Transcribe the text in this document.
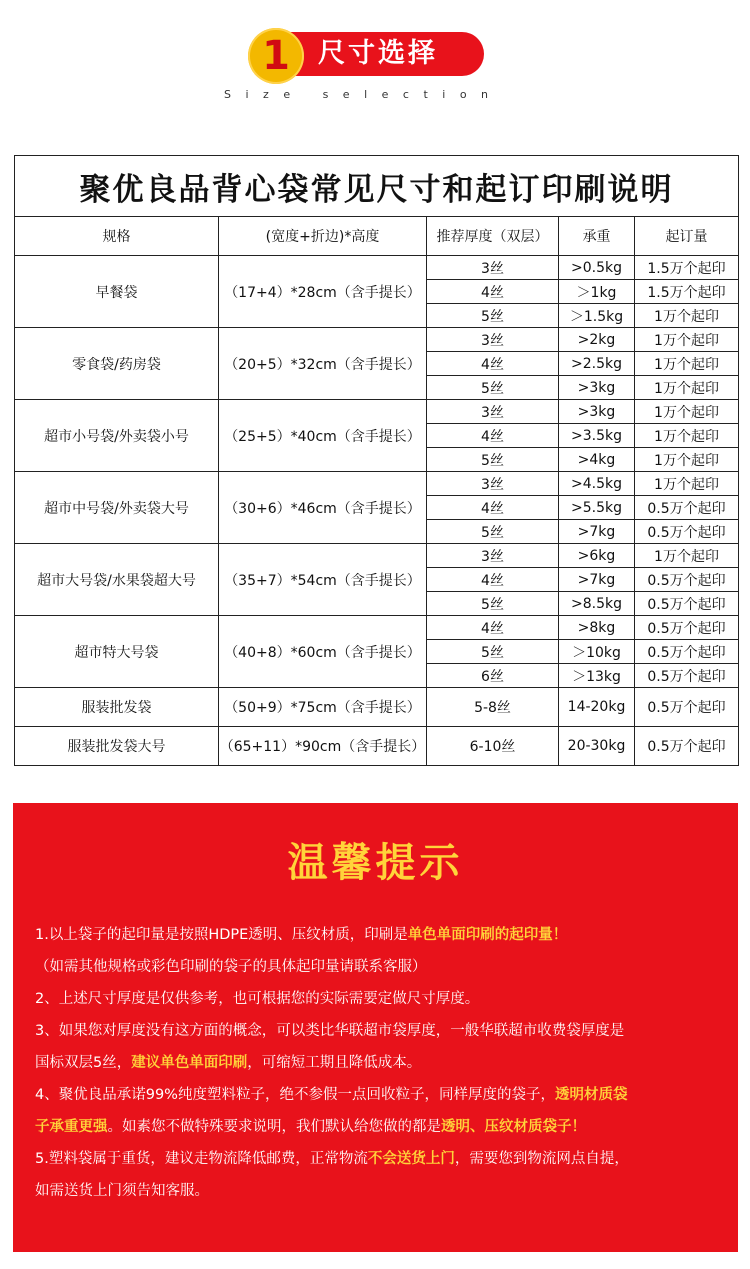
1	尺寸选择
Size selection
聚优良品背心袋常见尺寸和起订印刷说明				
规格	(宽度+折边)*高度	推荐厚度（双层）	承重	起订量
早餐袋	（17+4）*28cm（含手提长）	3丝	>0.5kg	1.5万个起印
		4丝	＞1kg	1.5万个起印
		5丝	＞1.5kg	1万个起印
零食袋/药房袋	（20+5）*32cm（含手提长）	3丝	>2kg	1万个起印
		4丝	>2.5kg	1万个起印
		5丝	>3kg	1万个起印
超市小号袋/外卖袋小号	（25+5）*40cm（含手提长）	3丝	>3kg	1万个起印
		4丝	>3.5kg	1万个起印
		5丝	>4kg	1万个起印
超市中号袋/外卖袋大号	（30+6）*46cm（含手提长）	3丝	>4.5kg	1万个起印
		4丝	>5.5kg	0.5万个起印
		5丝	>7kg	0.5万个起印
超市大号袋/水果袋超大号	（35+7）*54cm（含手提长）	3丝	>6kg	1万个起印
		4丝	>7kg	0.5万个起印
		5丝	>8.5kg	0.5万个起印
超市特大号袋	（40+8）*60cm（含手提长）	4丝	>8kg	0.5万个起印
		5丝	＞10kg	0.5万个起印
		6丝	＞13kg	0.5万个起印
服装批发袋	（50+9）*75cm（含手提长）	5-8丝	14-20kg	0.5万个起印
服装批发袋大号	（65+11）*90cm（含手提长）	6-10丝	20-30kg	0.5万个起印
温馨提示
1.以上袋子的起印量是按照HDPE透明、压纹材质，印刷是单色单面印刷的起印量！
（如需其他规格或彩色印刷的袋子的具体起印量请联系客服）
2、上述尺寸厚度是仅供参考，也可根据您的实际需要定做尺寸厚度。
3、如果您对厚度没有这方面的概念，可以类比华联超市袋厚度，一般华联超市收费袋厚度是
国标双层5丝，建议单色单面印刷，可缩短工期且降低成本。
4、聚优良品承诺99%纯度塑料粒子，绝不参假一点回收粒子，同样厚度的袋子，透明材质袋
子承重更强。如素您不做特殊要求说明，我们默认给您做的都是透明、压纹材质袋子！
5.塑料袋属于重货，建议走物流降低邮费，正常物流不会送货上门，需要您到物流网点自提，
如需送货上门须告知客服。
